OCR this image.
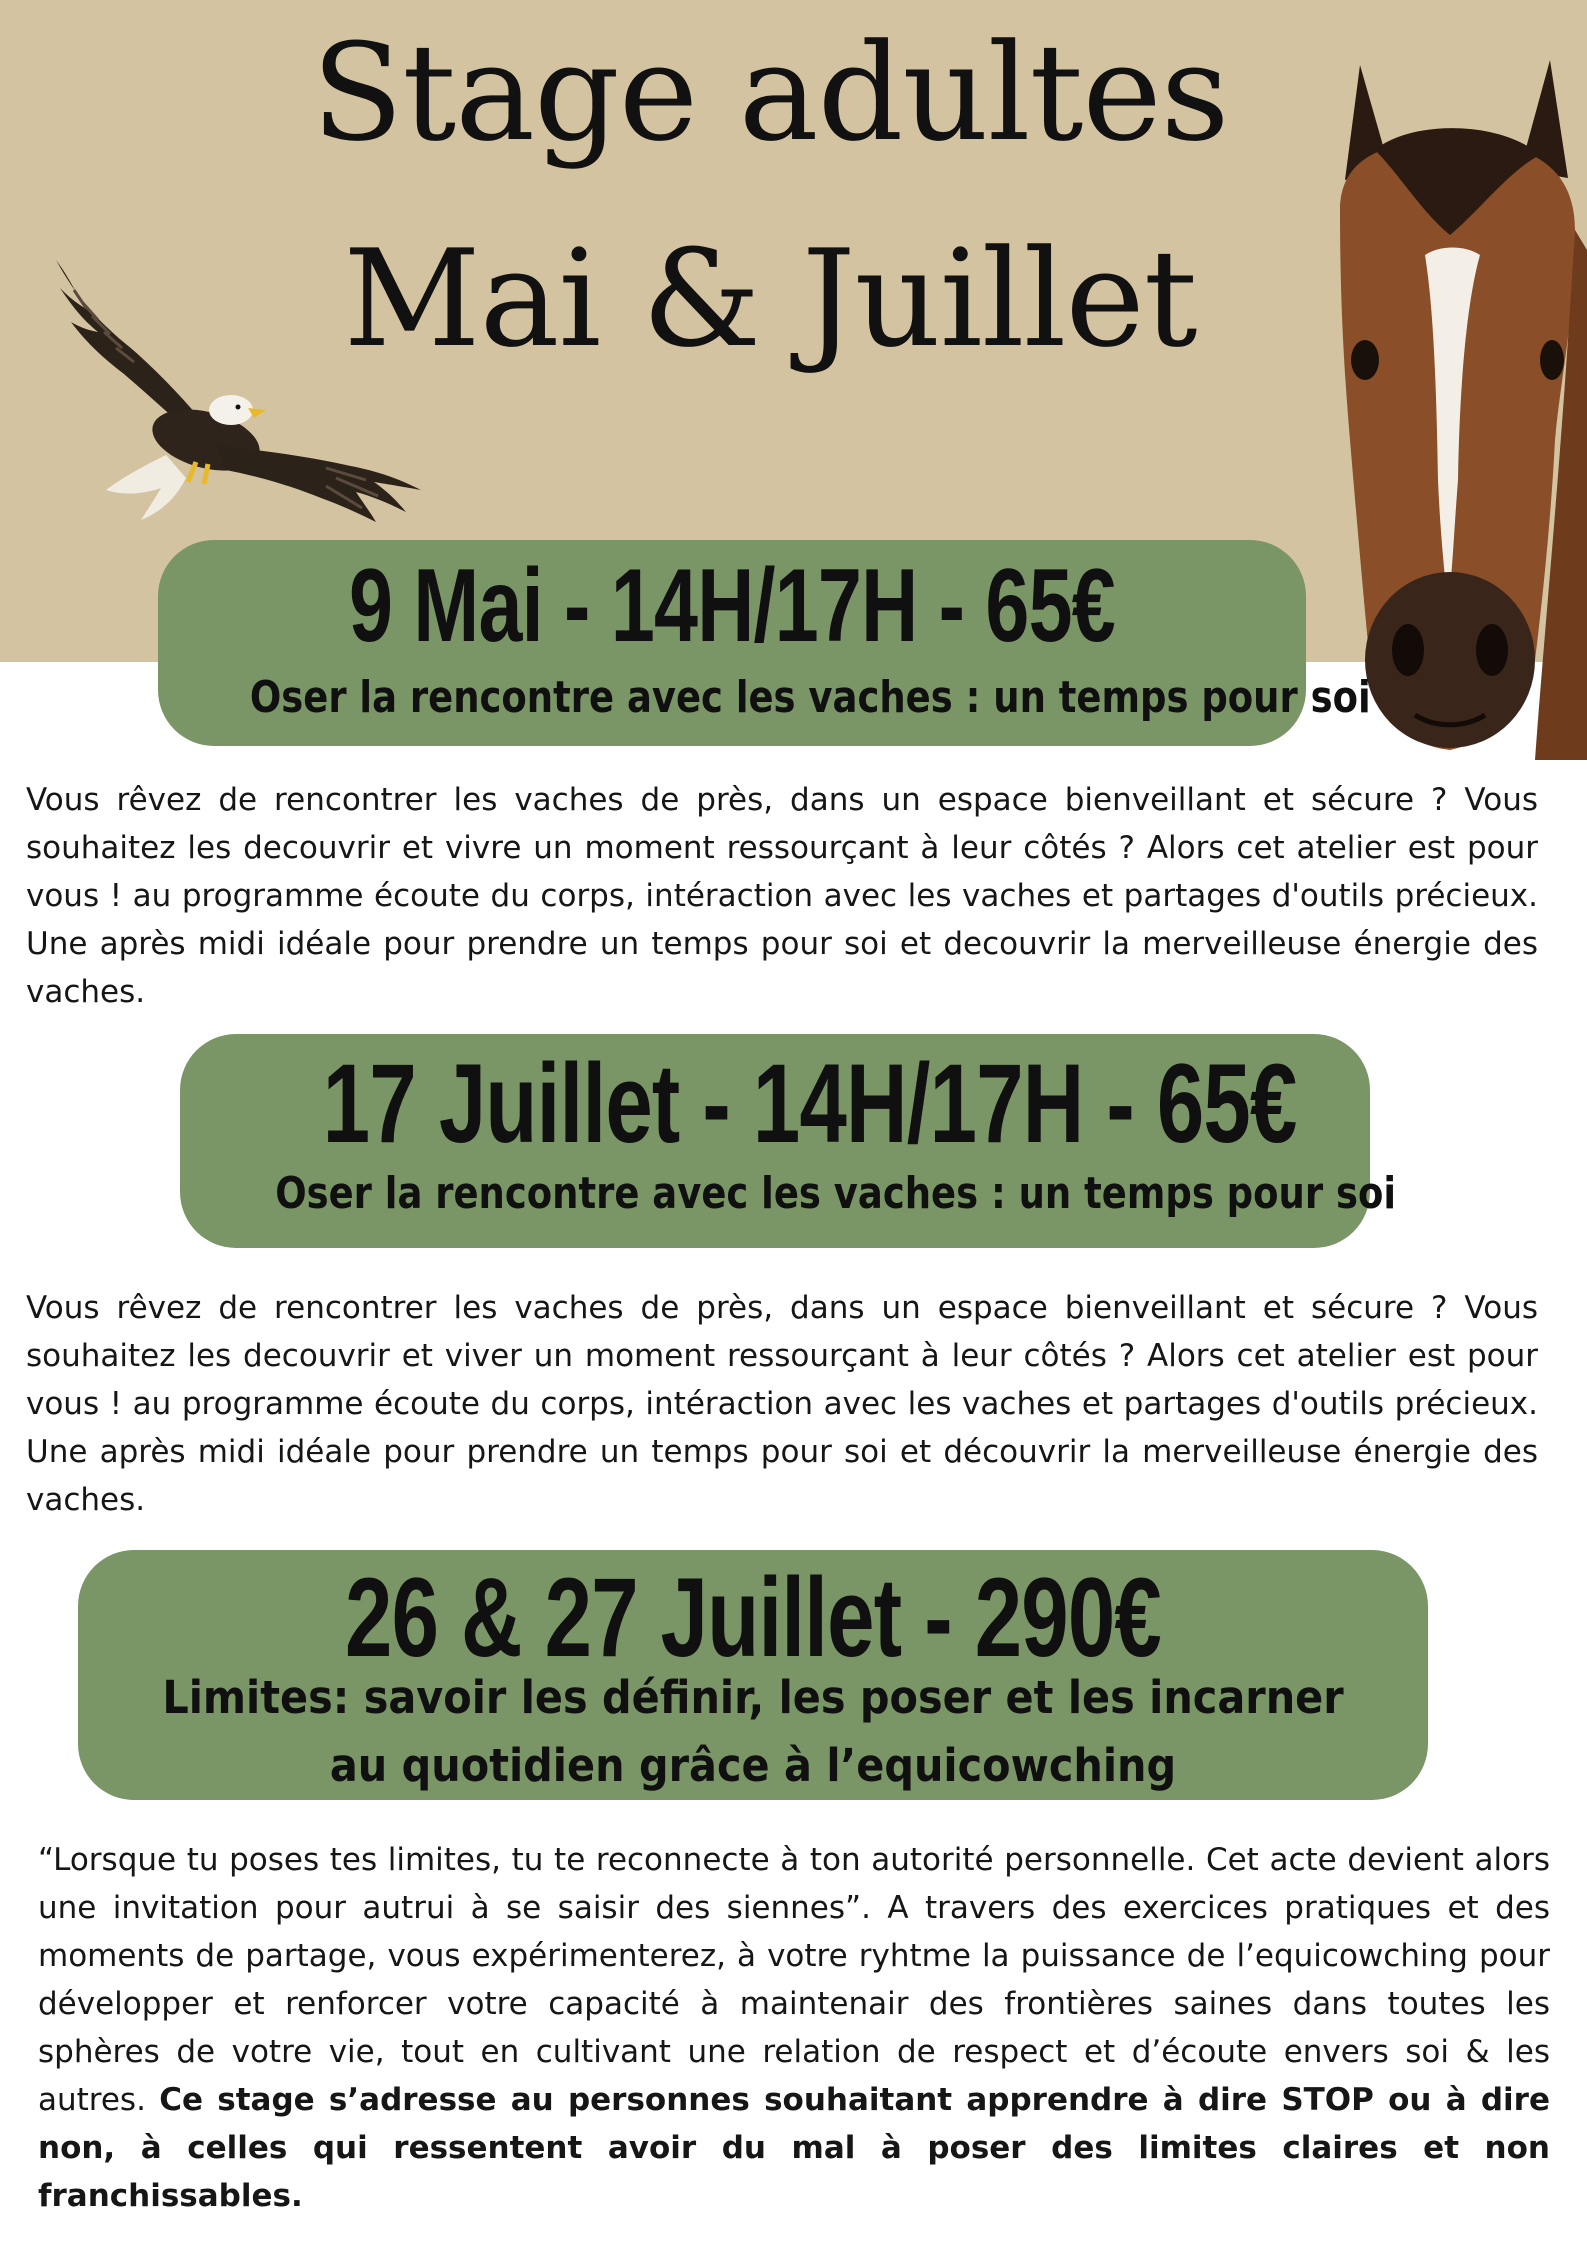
Stage adultes
Mai & Juillet
9 Mai - 14H/17H - 65€
Oser la rencontre avec les vaches : un temps pour soi

Vous rêvez de rencontrer les vaches de près, dans un espace bienveillant et sécure ? Vous souhaitez les decouvrir et vivre un moment ressourçant à leur côtés ? Alors cet atelier est pour vous ! au programme écoute du corps, intéraction avec les vaches et partages d'outils précieux. Une après midi idéale pour prendre un temps pour soi et decouvrir la merveilleuse énergie des vaches.

17 Juillet - 14H/17H - 65€
Oser la rencontre avec les vaches : un temps pour soi

Vous rêvez de rencontrer les vaches de près, dans un espace bienveillant et sécure ? Vous souhaitez les decouvrir et viver un moment ressourçant à leur côtés ? Alors cet atelier est pour vous ! au programme écoute du corps, intéraction avec les vaches et partages d'outils précieux. Une après midi idéale pour prendre un temps pour soi et découvrir la merveilleuse énergie des vaches.

26 & 27 Juillet - 290€
Limites: savoir les définir, les poser et les incarner au quotidien grâce à l’equicowching

“Lorsque tu poses tes limites, tu te reconnecte à ton autorité personnelle. Cet acte devient alors une invitation pour autrui à se saisir des siennes”. A travers des exercices pratiques et des moments de partage, vous expérimenterez, à votre ryhtme la puissance de l’equicowching pour développer et renforcer votre capacité à maintenair des frontières saines dans toutes les sphères de votre vie, tout en cultivant une relation de respect et d’écoute envers soi & les autres. Ce stage s’adresse au personnes souhaitant apprendre à dire STOP ou à dire non, à celles qui ressentent avoir du mal à poser des limites claires et non franchissables.
